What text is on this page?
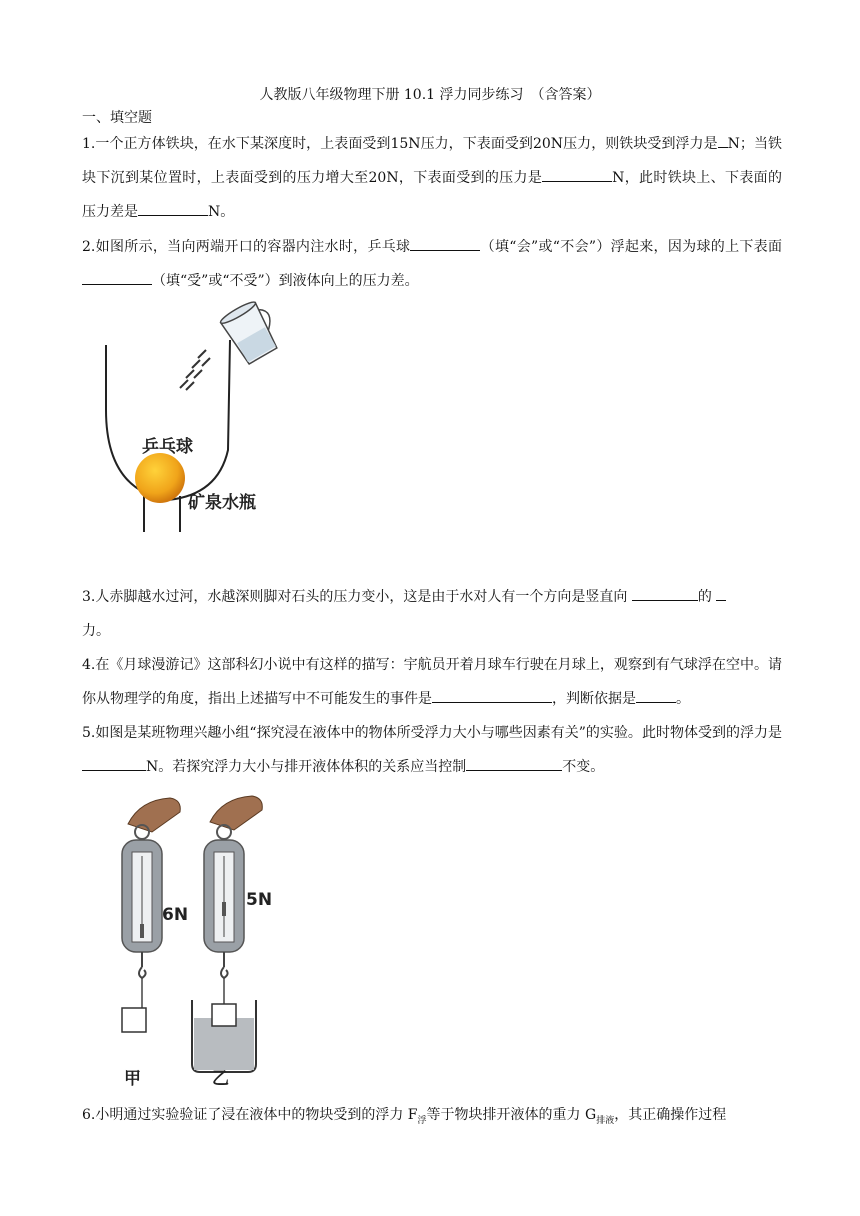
人教版八年级物理下册 10.1 浮力同步练习　（含答案）
一、填空题
1.一个正方体铁块，在水下某深度时，上表面受到15N压力，下表面受到20N压力，则铁块受到浮力是 N；当铁块下沉到某位置时，上表面受到的压力增大至20N，下表面受到的压力是	N，此时铁块上、下表面的压力差是	N。
2.如图所示，当向两端开口的容器内注水时，乒乓球	（填“会”或“不会”）浮起来，因为球的上下表面（填“受”或“不受”）到液体向上的压力差。
乒乓球
矿泉水瓶
3.人赤脚越水过河，水越深则脚对石头的压力变小，这是由于水对人有一个方向是竖直向	的
力。
4.在《月球漫游记》这部科幻小说中有这样的描写：宇航员开着月球车行驶在月球上，观察到有气球浮在空中。请你从物理学的角度，指出上述描写中不可能发生的事件是	，判断依据是	。
5.如图是某班物理兴趣小组“探究浸在液体中的物体所受浮力大小与哪些因素有关”的实验。此时物体受到的浮力是N。若探究浮力大小与排开液体体积的关系应当控制	不变。
6N
甲
5N
乙
6.小明通过实验验证了浸在液体中的物块受到的浮力 $F_浮$等于物块排开液体的重力 $G_{排液}$，其正确操作过程
